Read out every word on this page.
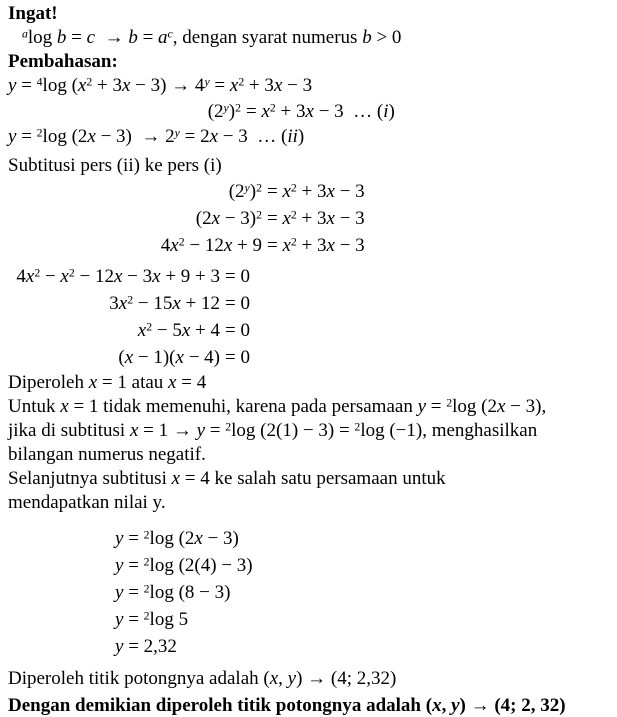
Ingat!
$^a$log $b = c \to b = a^c$, dengan syarat numerus b > 0
Pembahasan:
y = $^4$log $(x^2 + 3x - 3) \to 4^y = x^2 + 3x - 3$
$(2^y)^2 = x^2 + 3x - 3$  … (i)
y = $^2$log $(2x - 3) \to 2^y = 2x - 3$  … (ii)
Subtitusi pers (ii) ke pers (i)
$(2^y)^2 = x^2 + 3x - 3$
$(2x - 3)^2 = x^2 + 3x - 3$
$4x^2 - 12x + 9 = x^2 + 3x - 3$
$4x^2 - x^2 - 12x - 3x + 9 + 3 = 0$
$3x^2 - 15x + 12 = 0$
$x^2 - 5x + 4 = 0$
(x − 1)(x − 4) = 0
Diperoleh x = 1 atau x = 4
Untuk x = 1 tidak memenuhi, karena pada persamaan y = $^2$log (2x − 3),
jika di subtitusi x = 1 → y = $^2$log (2(1) − 3) = $^2$log (−1), menghasilkan
bilangan numerus negatif.
Selanjutnya subtitusi x = 4 ke salah satu persamaan untuk
mendapatkan nilai y.
y = $^2$log (2x − 3)
y = $^2$log (2(4) − 3)
y = $^2$log (8 − 3)
y = $^2$log 5
y = 2,32
Diperoleh titik potongnya adalah (x, y) → (4; 2,32)
Dengan demikian diperoleh titik potongnya adalah (x, y) → (4; 2, 32)
